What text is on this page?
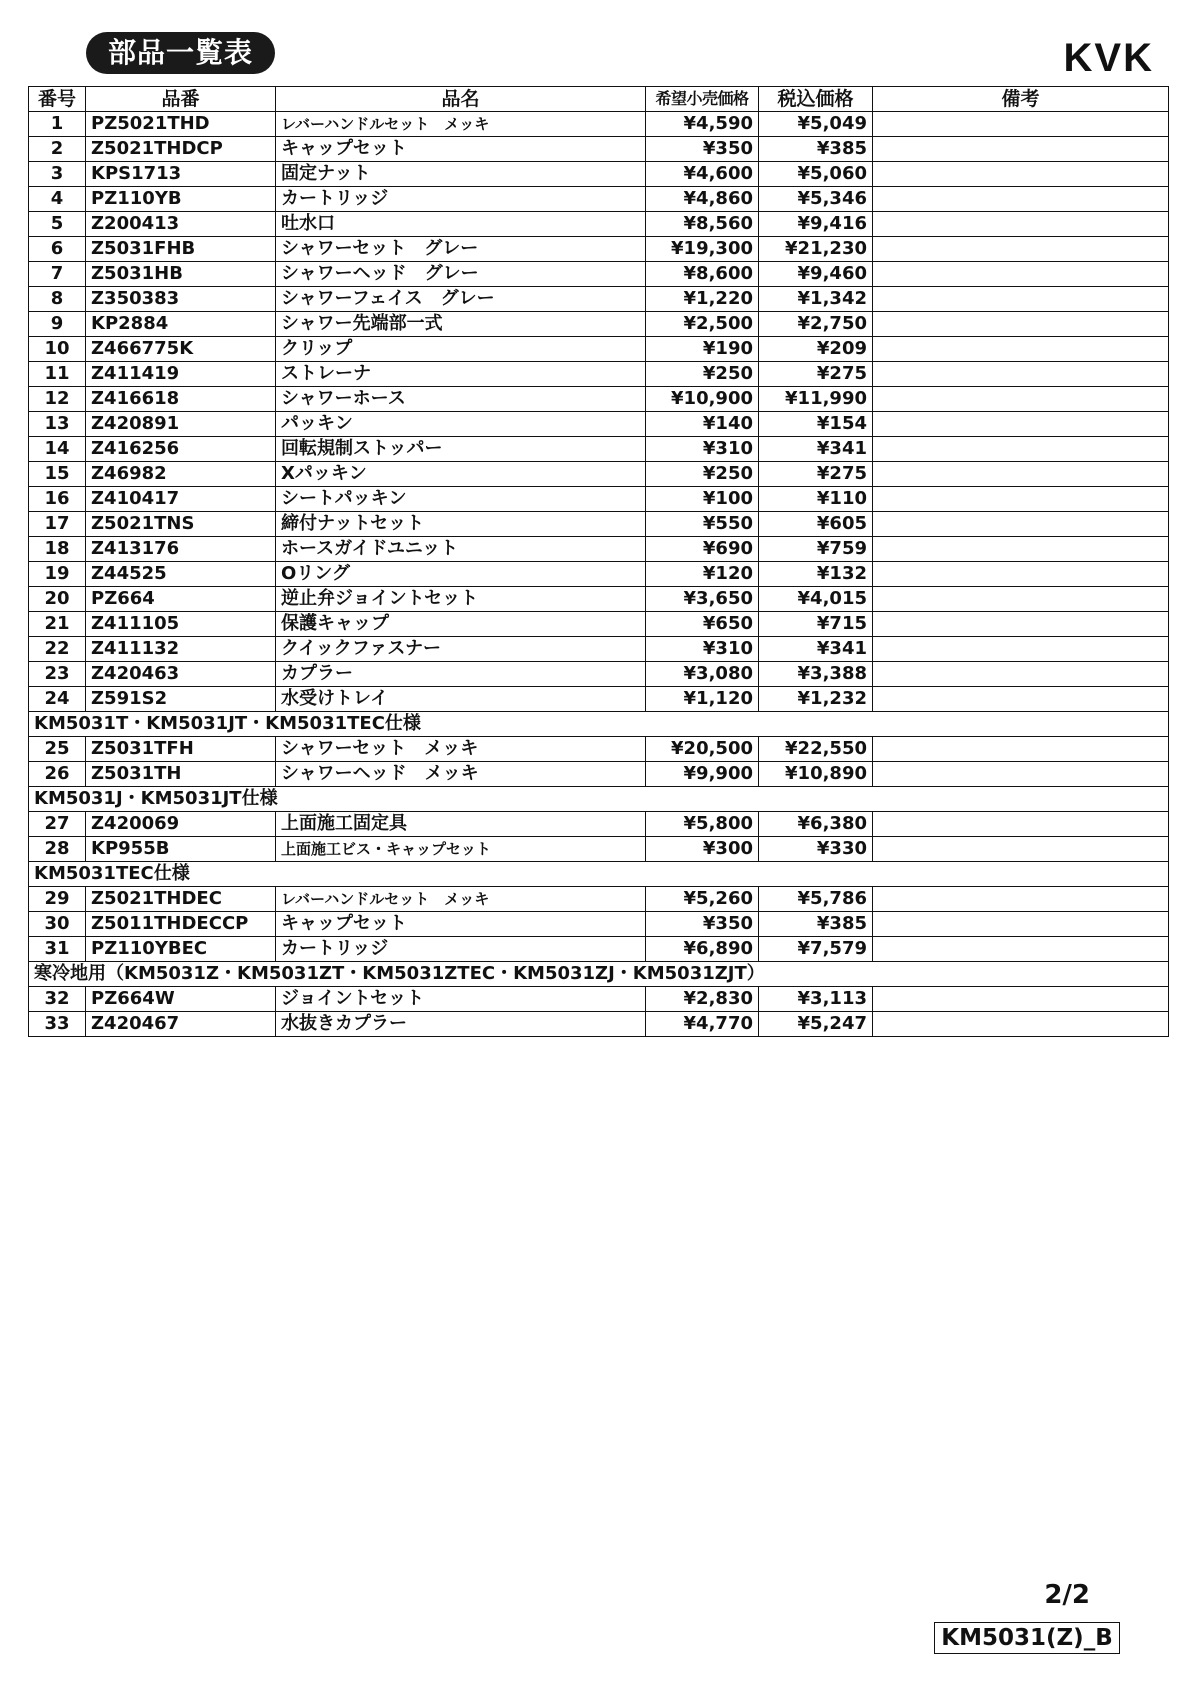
部品一覧表	KVK
番号	品番	品名	希望小売価格	税込価格	備考
1	PZ5021THD	レバーハンドルセット　メッキ	¥4,590	¥5,049	
2	Z5021THDCP	キャップセット	¥350	¥385	
3	KPS1713	固定ナット	¥4,600	¥5,060	
4	PZ110YB	カートリッジ	¥4,860	¥5,346	
5	Z200413	吐水口	¥8,560	¥9,416	
6	Z5031FHB	シャワーセット　グレー	¥19,300	¥21,230	
7	Z5031HB	シャワーヘッド　グレー	¥8,600	¥9,460	
8	Z350383	シャワーフェイス　グレー	¥1,220	¥1,342	
9	KP2884	シャワー先端部一式	¥2,500	¥2,750	
10	Z466775K	クリップ	¥190	¥209	
11	Z411419	ストレーナ	¥250	¥275	
12	Z416618	シャワーホース	¥10,900	¥11,990	
13	Z420891	パッキン	¥140	¥154	
14	Z416256	回転規制ストッパー	¥310	¥341	
15	Z46982	Xパッキン	¥250	¥275	
16	Z410417	シートパッキン	¥100	¥110	
17	Z5021TNS	締付ナットセット	¥550	¥605	
18	Z413176	ホースガイドユニット	¥690	¥759	
19	Z44525	Oリング	¥120	¥132	
20	PZ664	逆止弁ジョイントセット	¥3,650	¥4,015	
21	Z411105	保護キャップ	¥650	¥715	
22	Z411132	クイックファスナー	¥310	¥341	
23	Z420463	カプラー	¥3,080	¥3,388	
24	Z591S2	水受けトレイ	¥1,120	¥1,232	
KM5031T・KM5031JT・KM5031TEC仕様					
25	Z5031TFH	シャワーセット　メッキ	¥20,500	¥22,550	
26	Z5031TH	シャワーヘッド　メッキ	¥9,900	¥10,890	
KM5031J・KM5031JT仕様					
27	Z420069	上面施工固定具	¥5,800	¥6,380	
28	KP955B	上面施工ビス・キャップセット	¥300	¥330	
KM5031TEC仕様					
29	Z5021THDEC	レバーハンドルセット　メッキ	¥5,260	¥5,786	
30	Z5011THDECCP	キャップセット	¥350	¥385	
31	PZ110YBEC	カートリッジ	¥6,890	¥7,579	
寒冷地用（KM5031Z・KM5031ZT・KM5031ZTEC・KM5031ZJ・KM5031ZJT）					
32	PZ664W	ジョイントセット	¥2,830	¥3,113	
33	Z420467	水抜きカプラー	¥4,770	¥5,247	
2/2
KM5031(Z)_B
